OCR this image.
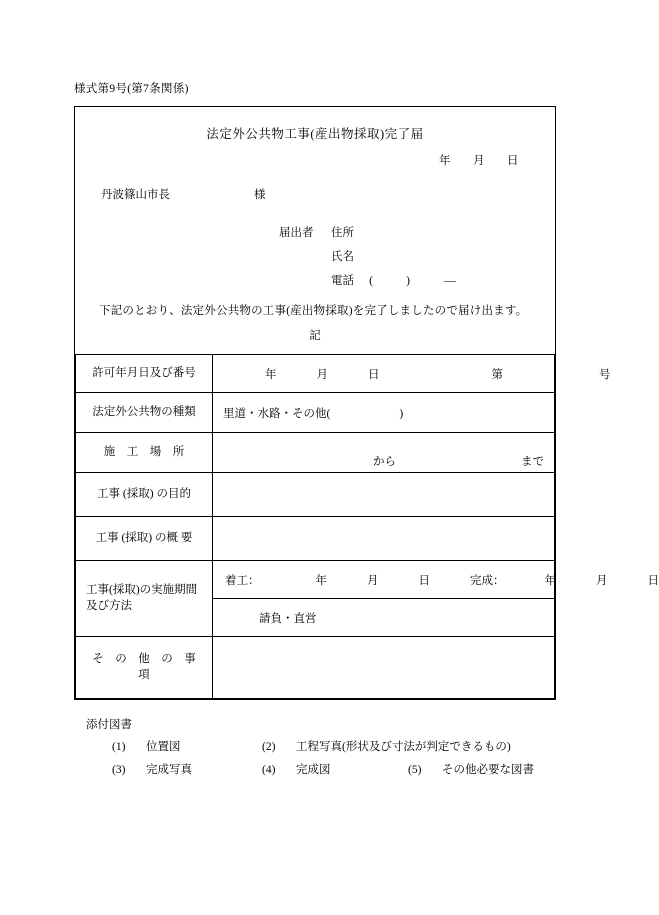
様式第9号(第7条関係)
法定外公共物工事(産出物採取)完了届
年 月 日
丹波篠山市長	様
届出者 住所
氏名
電話 (	)	―
下記のとおり、法定外公共物の工事(産出物採取)を完了しましたので届け出ます。
記
許可年月日及び番号	年 月 日 第 号

法定外公共物の種類	里道・水路・その他(　　　　　　)
施　工　場　所	から まで

工事 (採取) の目的	
工事 (採取) の概 要	
工事(採取)の実施期間及び方法	着工： 年 月 日 完成： 年 月 日

	請負・直営

そ　の　他　の　事　項	
添付図書
(1) 位置図	(2) 工程写真(形状及び寸法が判定できるもの)
(3) 完成写真	(4) 完成図	(5) その他必要な図書
